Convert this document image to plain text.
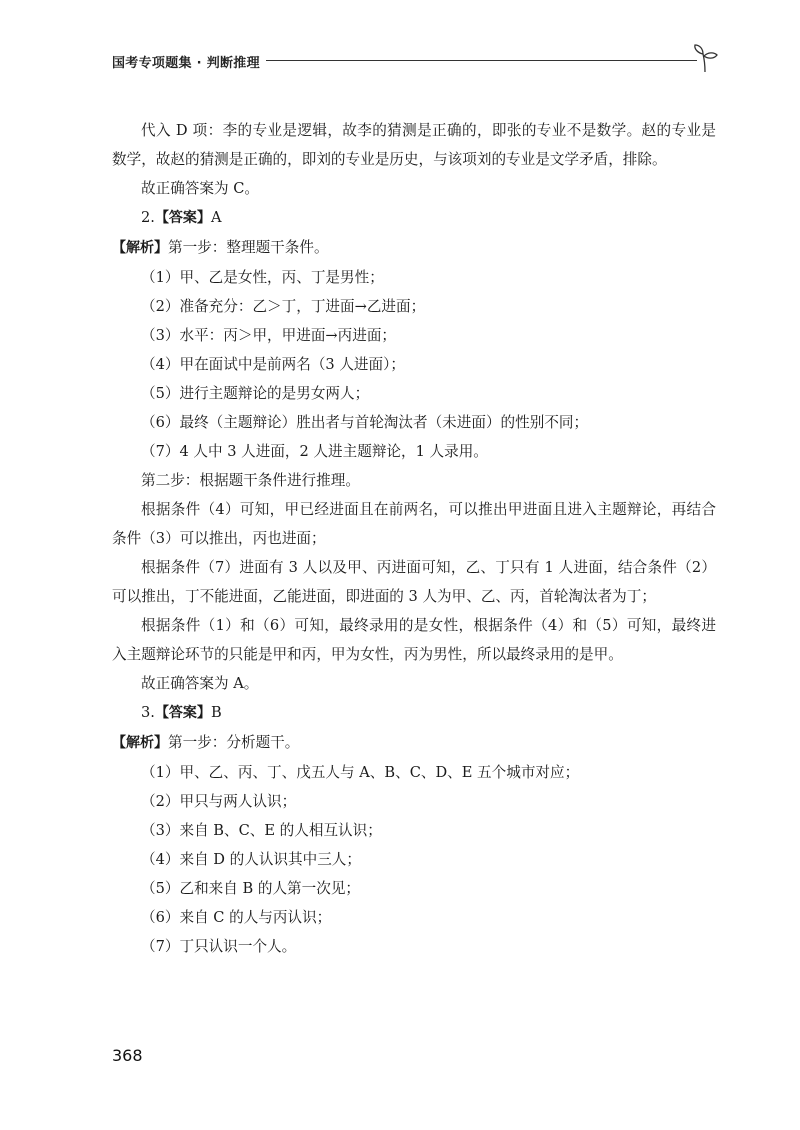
国考专项题集 · 判断推理

代入 D 项：李的专业是逻辑，故李的猜测是正确的，即张的专业不是数学。赵的专业是数学，故赵的猜测是正确的，即刘的专业是历史，与该项刘的专业是文学矛盾，排除。

故正确答案为 C。

2.【答案】A

【解析】第一步：整理题干条件。

（1）甲、乙是女性，丙、丁是男性；

（2）准备充分：乙＞丁，丁进面→乙进面；

（3）水平：丙＞甲，甲进面→丙进面；

（4）甲在面试中是前两名（3 人进面）；

（5）进行主题辩论的是男女两人；

（6）最终（主题辩论）胜出者与首轮淘汰者（未进面）的性别不同；

（7）4 人中 3 人进面，2 人进主题辩论，1 人录用。

第二步：根据题干条件进行推理。

根据条件（4）可知，甲已经进面且在前两名，可以推出甲进面且进入主题辩论，再结合条件（3）可以推出，丙也进面；

根据条件（7）进面有 3 人以及甲、丙进面可知，乙、丁只有 1 人进面，结合条件（2）可以推出，丁不能进面，乙能进面，即进面的 3 人为甲、乙、丙，首轮淘汰者为丁；

根据条件（1）和（6）可知，最终录用的是女性，根据条件（4）和（5）可知，最终进入主题辩论环节的只能是甲和丙，甲为女性，丙为男性，所以最终录用的是甲。

故正确答案为 A。

3.【答案】B

【解析】第一步：分析题干。

（1）甲、乙、丙、丁、戊五人与 A、B、C、D、E 五个城市对应；

（2）甲只与两人认识；

（3）来自 B、C、E 的人相互认识；

（4）来自 D 的人认识其中三人；

（5）乙和来自 B 的人第一次见；

（6）来自 C 的人与丙认识；

（7）丁只认识一个人。

368
